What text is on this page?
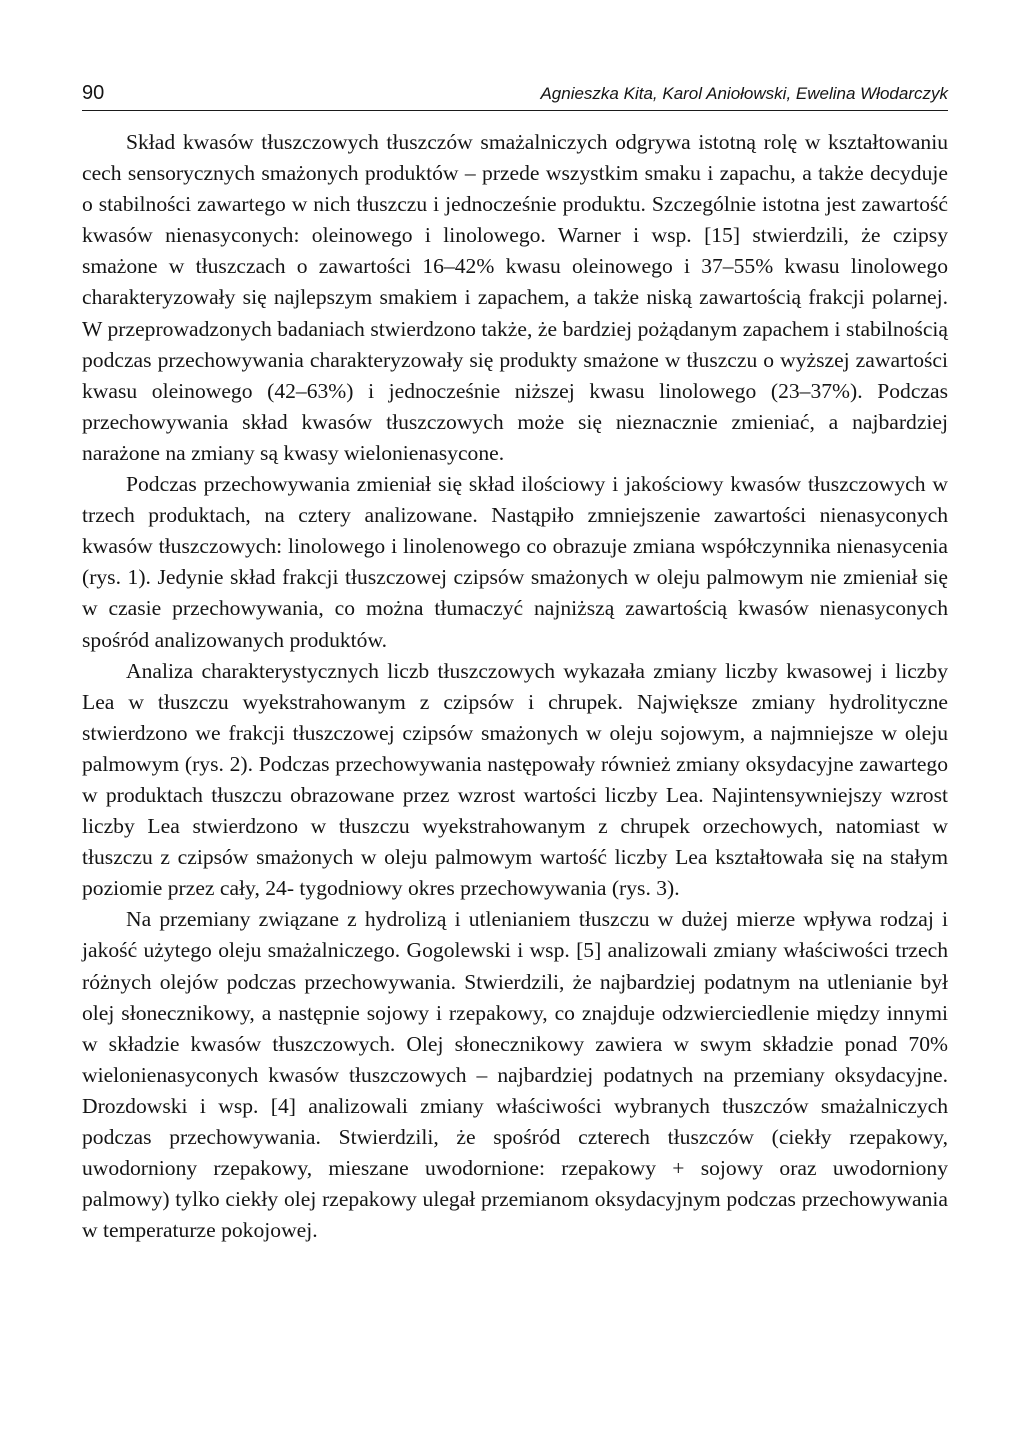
90	Agnieszka Kita, Karol Aniołowski, Ewelina Włodarczyk

Skład kwasów tłuszczowych tłuszczów smażalniczych odgrywa istotną rolę w kształtowaniu cech sensorycznych smażonych produktów – przede wszystkim smaku i zapachu, a także decyduje o stabilności zawartego w nich tłuszczu i jednocześnie produktu. Szczególnie istotna jest zawartość kwasów nienasyconych: oleinowego i linolowego. Warner i wsp. [15] stwierdzili, że czipsy smażone w tłuszczach o zawartości 16–42% kwasu oleinowego i 37–55% kwasu linolowego charakteryzowały się najlepszym smakiem i zapachem, a także niską zawartością frakcji polarnej. W przeprowadzonych badaniach stwierdzono także, że bardziej pożądanym zapachem i stabilnością podczas przechowywania charakteryzowały się produkty smażone w tłuszczu o wyższej zawartości kwasu oleinowego (42–63%) i jednocześnie niższej kwasu linolowego (23–37%). Podczas przechowywania skład kwasów tłuszczowych może się nieznacznie zmieniać, a najbardziej narażone na zmiany są kwasy wielonienasycone.

Podczas przechowywania zmieniał się skład ilościowy i jakościowy kwasów tłuszczowych w trzech produktach, na cztery analizowane. Nastąpiło zmniejszenie zawartości nienasyconych kwasów tłuszczowych: linolowego i linolenowego co obrazuje zmiana współczynnika nienasycenia (rys. 1). Jedynie skład frakcji tłuszczowej czipsów smażonych w oleju palmowym nie zmieniał się w czasie przechowywania, co można tłumaczyć najniższą zawartością kwasów nienasyconych spośród analizowanych produktów.

Analiza charakterystycznych liczb tłuszczowych wykazała zmiany liczby kwasowej i liczby Lea w tłuszczu wyekstrahowanym z czipsów i chrupek. Największe zmiany hydrolityczne stwierdzono we frakcji tłuszczowej czipsów smażonych w oleju sojowym, a najmniejsze w oleju palmowym (rys. 2). Podczas przechowywania następowały również zmiany oksydacyjne zawartego w produktach tłuszczu obrazowane przez wzrost wartości liczby Lea. Najintensywniejszy wzrost liczby Lea stwierdzono w tłuszczu wyekstrahowanym z chrupek orzechowych, natomiast w tłuszczu z czipsów smażonych w oleju palmowym wartość liczby Lea kształtowała się na stałym poziomie przez cały, 24- tygodniowy okres przechowywania (rys. 3).

Na przemiany związane z hydrolizą i utlenianiem tłuszczu w dużej mierze wpływa rodzaj i jakość użytego oleju smażalniczego. Gogolewski i wsp. [5] analizowali zmiany właściwości trzech różnych olejów podczas przechowywania. Stwierdzili, że najbardziej podatnym na utlenianie był olej słonecznikowy, a następnie sojowy i rzepakowy, co znajduje odzwierciedlenie między innymi w składzie kwasów tłuszczowych. Olej słonecznikowy zawiera w swym składzie ponad 70% wielonienasyconych kwasów tłuszczowych – najbardziej podatnych na przemiany oksydacyjne. Drozdowski i wsp. [4] analizowali zmiany właściwości wybranych tłuszczów smażalniczych podczas przechowywania. Stwierdzili, że spośród czterech tłuszczów (ciekły rzepakowy, uwodorniony rzepakowy, mieszane uwodornione: rzepakowy + sojowy oraz uwodorniony palmowy) tylko ciekły olej rzepakowy ulegał przemianom oksydacyjnym podczas przechowywania w temperaturze pokojowej.
